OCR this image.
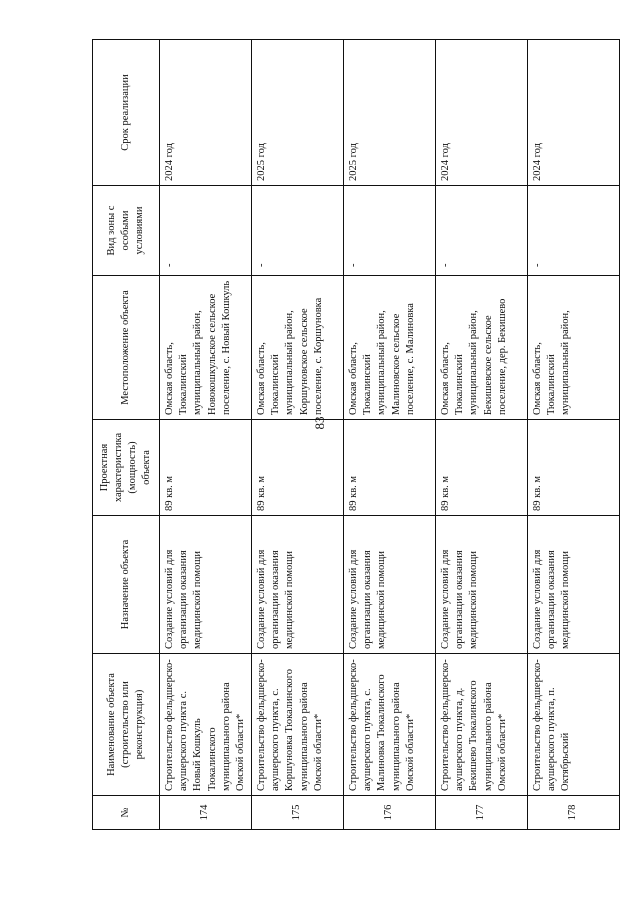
83
№	Наименование объекта (строительство или реконструкция)	Назначение объекта	Проектная характеристика (мощность) объекта	Местоположение объекта	Вид зоны с особыми условиями	Срок реализации
174	Строительство фельдшерско-акушерского пункта с. Новый Кошкуль Тюкалинского муниципального района Омской области*	Создание условий для организации оказания медицинской помощи	89 кв. м	Омская область, Тюкалинский муниципальный район, Новокошкульское сельское поселение, с. Новый Кошкуль	-	2024 год
175	Строительство фельдшерско-акушерского пункта, с. Коршуновка Тюкалинского муниципального района Омской области*	Создание условий для организации оказания медицинской помощи	89 кв. м	Омская область, Тюкалинский муниципальный район, Коршуновское сельское поселение, с. Коршуновка	-	2025 год
176	Строительство фельдшерско-акушерского пункта, с. Малиновка Тюкалинского муниципального района Омской области*	Создание условий для организации оказания медицинской помощи	89 кв. м	Омская область, Тюкалинский муниципальный район, Малиновское сельское поселение, с. Малиновка	-	2025 год
177	Строительство фельдшерско-акушерского пункта, д. Бекишево Тюкалинского муниципального района Омской области*	Создание условий для организации оказания медицинской помощи	89 кв. м	Омская область, Тюкалинский муниципальный район, Бекишевское сельское поселение, дер. Бекишево	-	2024 год
178	Строительство фельдшерско-акушерского пункта, п. Октябрьский	Создание условий для организации оказания медицинской помощи	89 кв. м	Омская область, Тюкалинский муниципальный район,	-	2024 год
